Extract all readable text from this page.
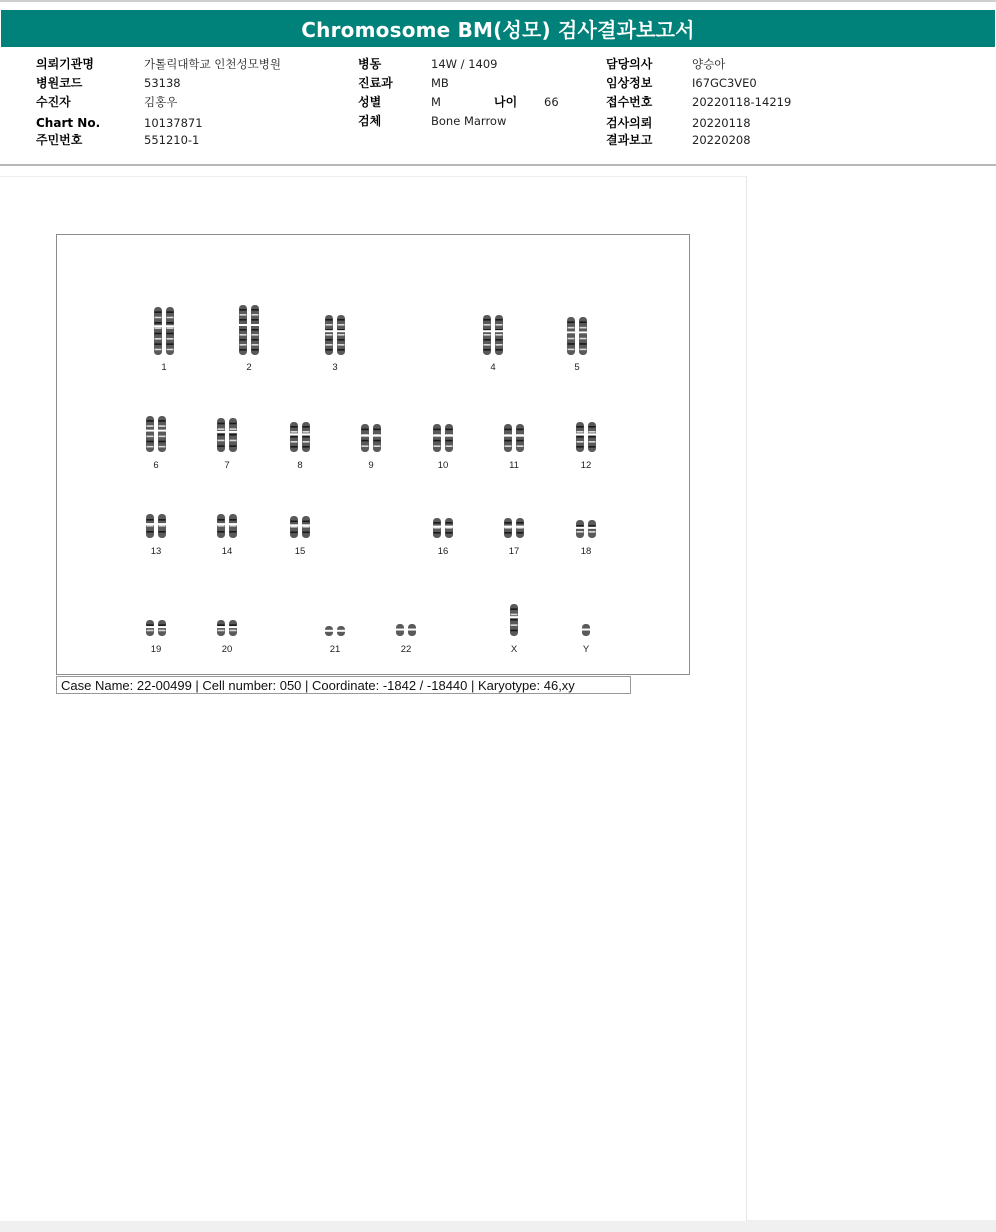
Chromosome BM(성모) 검사결과보고서
의뢰기관명	가톨릭대학교 인천성모병원
병원코드	53138
수진자	김홍우
Chart No.	10137871
주민번호	551210-1
병동	14W / 1409
진료과	MB
성별	M	나이 66
검체	Bone Marrow
담당의사	양승아
임상정보	I67GC3VE0
접수번호	20220118-14219
검사의뢰	20220118
결과보고	20220208
1	2	3	4	5
6	7	8	9	10	11	12
13	14	15	16	17	18
19	20	21	22	X	Y
Case Name: 22-00499 | Cell number: 050 | Coordinate: -1842 / -18440 | Karyotype: 46,xy
